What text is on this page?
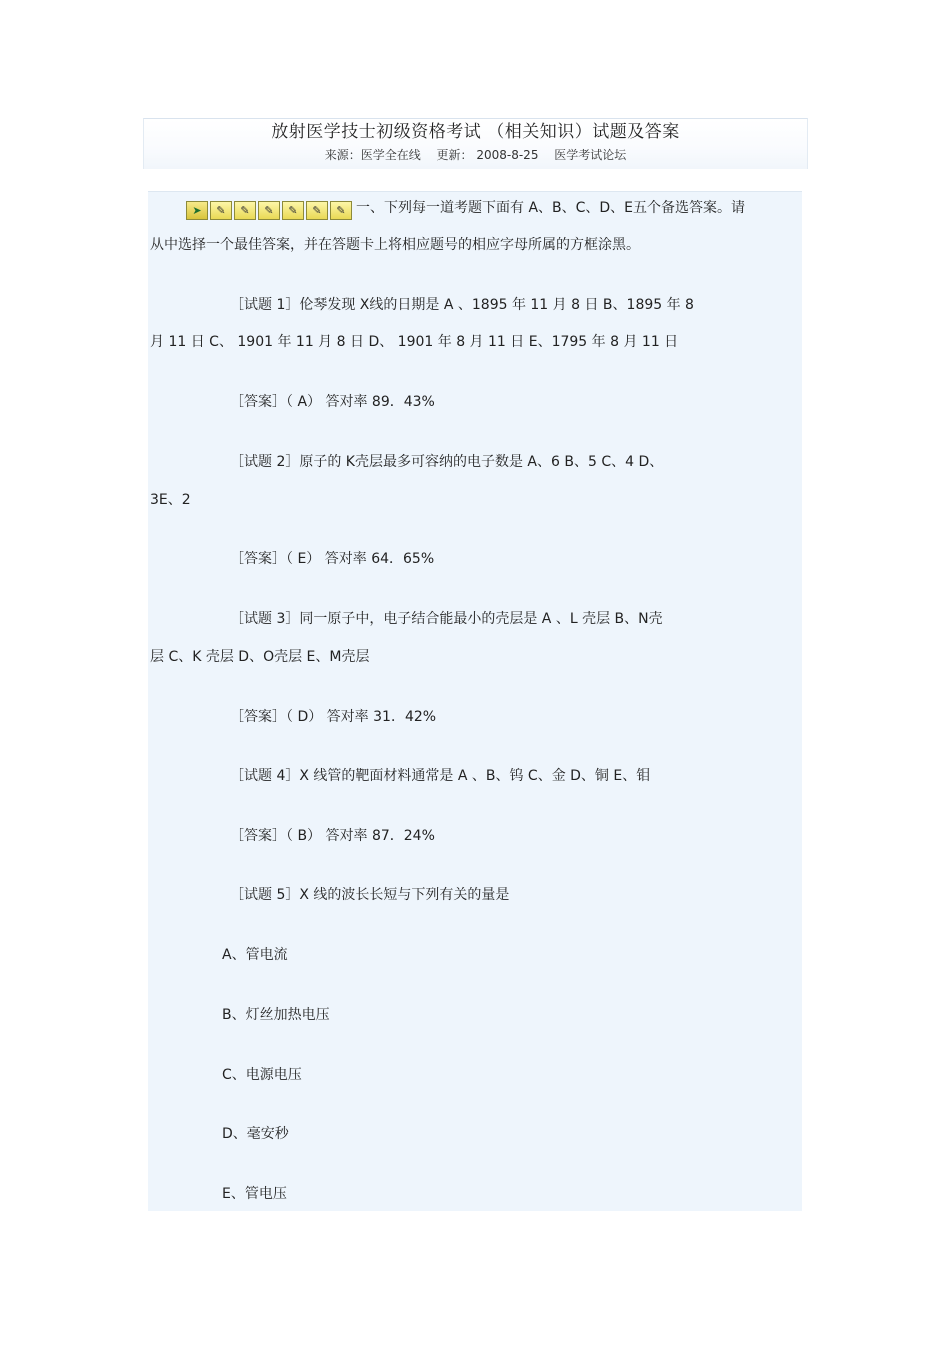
放射医学技士初级资格考试 （相关知识）试题及答案
来源：医学全在线 更新： 2008-8-25 医学考试论坛
➤	✎	✎	✎	✎	✎	✎ 一、下列每一道考题下面有 A、B、C、D、E五个备选答案。请

从中选择一个最佳答案，并在答题卡上将相应题号的相应字母所属的方框涂黑。

［试题 1］伦琴发现 X线的日期是 A 、1895 年 11 月 8 日 B、1895 年 8

月 11 日 C、 1901 年 11 月 8 日 D、 1901 年 8 月 11 日 E、1795 年 8 月 11 日

［答案］（ A） 答对率 89．43%

［试题 2］原子的 K壳层最多可容纳的电子数是 A、6 B、5 C、4 D、

3E、2

［答案］（ E） 答对率 64．65%

［试题 3］同一原子中，电子结合能最小的壳层是 A 、L 壳层 B、N壳

层 C、K 壳层 D、O壳层 E、M壳层

［答案］（ D） 答对率 31．42%

［试题 4］X 线管的靶面材料通常是 A 、B、钨 C、金 D、铜 E、钼

［答案］（ B） 答对率 87．24%

［试题 5］X 线的波长长短与下列有关的量是

A、管电流

B、灯丝加热电压

C、电源电压

D、毫安秒

E、管电压
